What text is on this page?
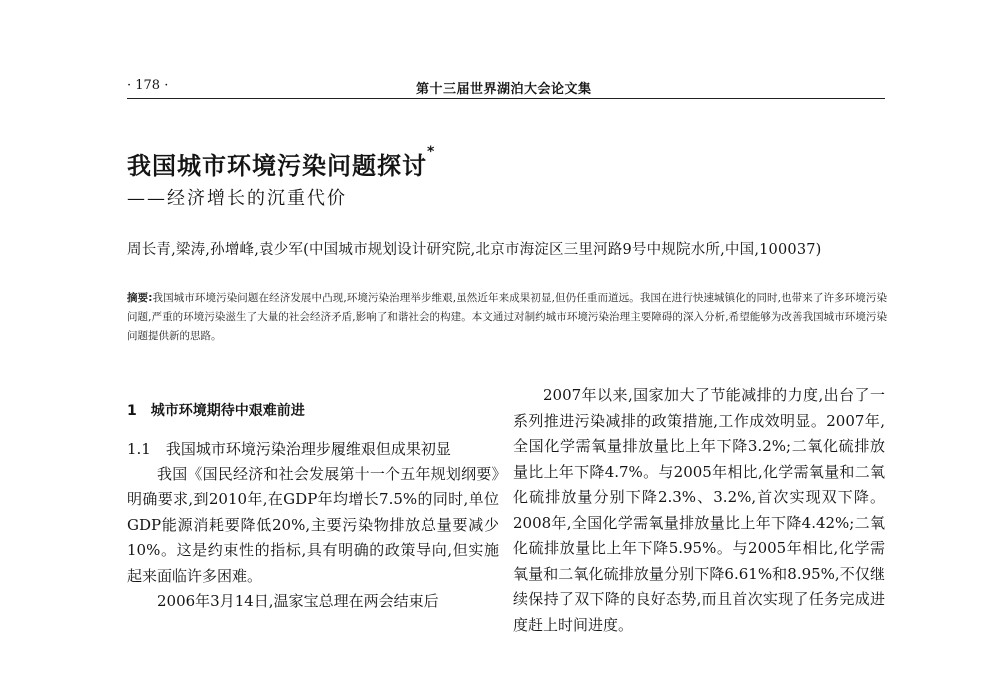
· 178 ·	第十三届世界湖泊大会论文集
我国城市环境污染问题探讨*
——经济增长的沉重代价
周长青,梁涛,孙增峰,袁少军(中国城市规划设计研究院,北京市海淀区三里河路9号中规院水所,中国,100037)
摘要:我国城市环境污染问题在经济发展中凸现,环境污染治理举步维艰,虽然近年来成果初显,但仍任重而道远。我国在进行快速城镇化的同时,也带来了许多环境污染问题,严重的环境污染滋生了大量的社会经济矛盾,影响了和谐社会的构建。本文通过对制约城市环境污染治理主要障碍的深入分析,希望能够为改善我国城市环境污染问题提供新的思路。
1　城市环境期待中艰难前进
1.1　我国城市环境污染治理步履维艰但成果初显

我国《国民经济和社会发展第十一个五年规划纲要》明确要求,到2010年,在GDP年均增长7.5%的同时,单位GDP能源消耗要降低20%,主要污染物排放总量要减少10%。这是约束性的指标,具有明确的政策导向,但实施起来面临许多困难。

2006年3月14日,温家宝总理在两会结束后

2007年以来,国家加大了节能减排的力度,出台了一系列推进污染减排的政策措施,工作成效明显。2007年,全国化学需氧量排放量比上年下降3.2%;二氧化硫排放量比上年下降4.7%。与2005年相比,化学需氧量和二氧化硫排放量分别下降2.3%、3.2%,首次实现双下降。2008年,全国化学需氧量排放量比上年下降4.42%;二氧化硫排放量比上年下降5.95%。与2005年相比,化学需氧量和二氧化硫排放量分别下降6.61%和8.95%,不仅继续保持了双下降的良好态势,而且首次实现了任务完成进度赶上时间进度。
